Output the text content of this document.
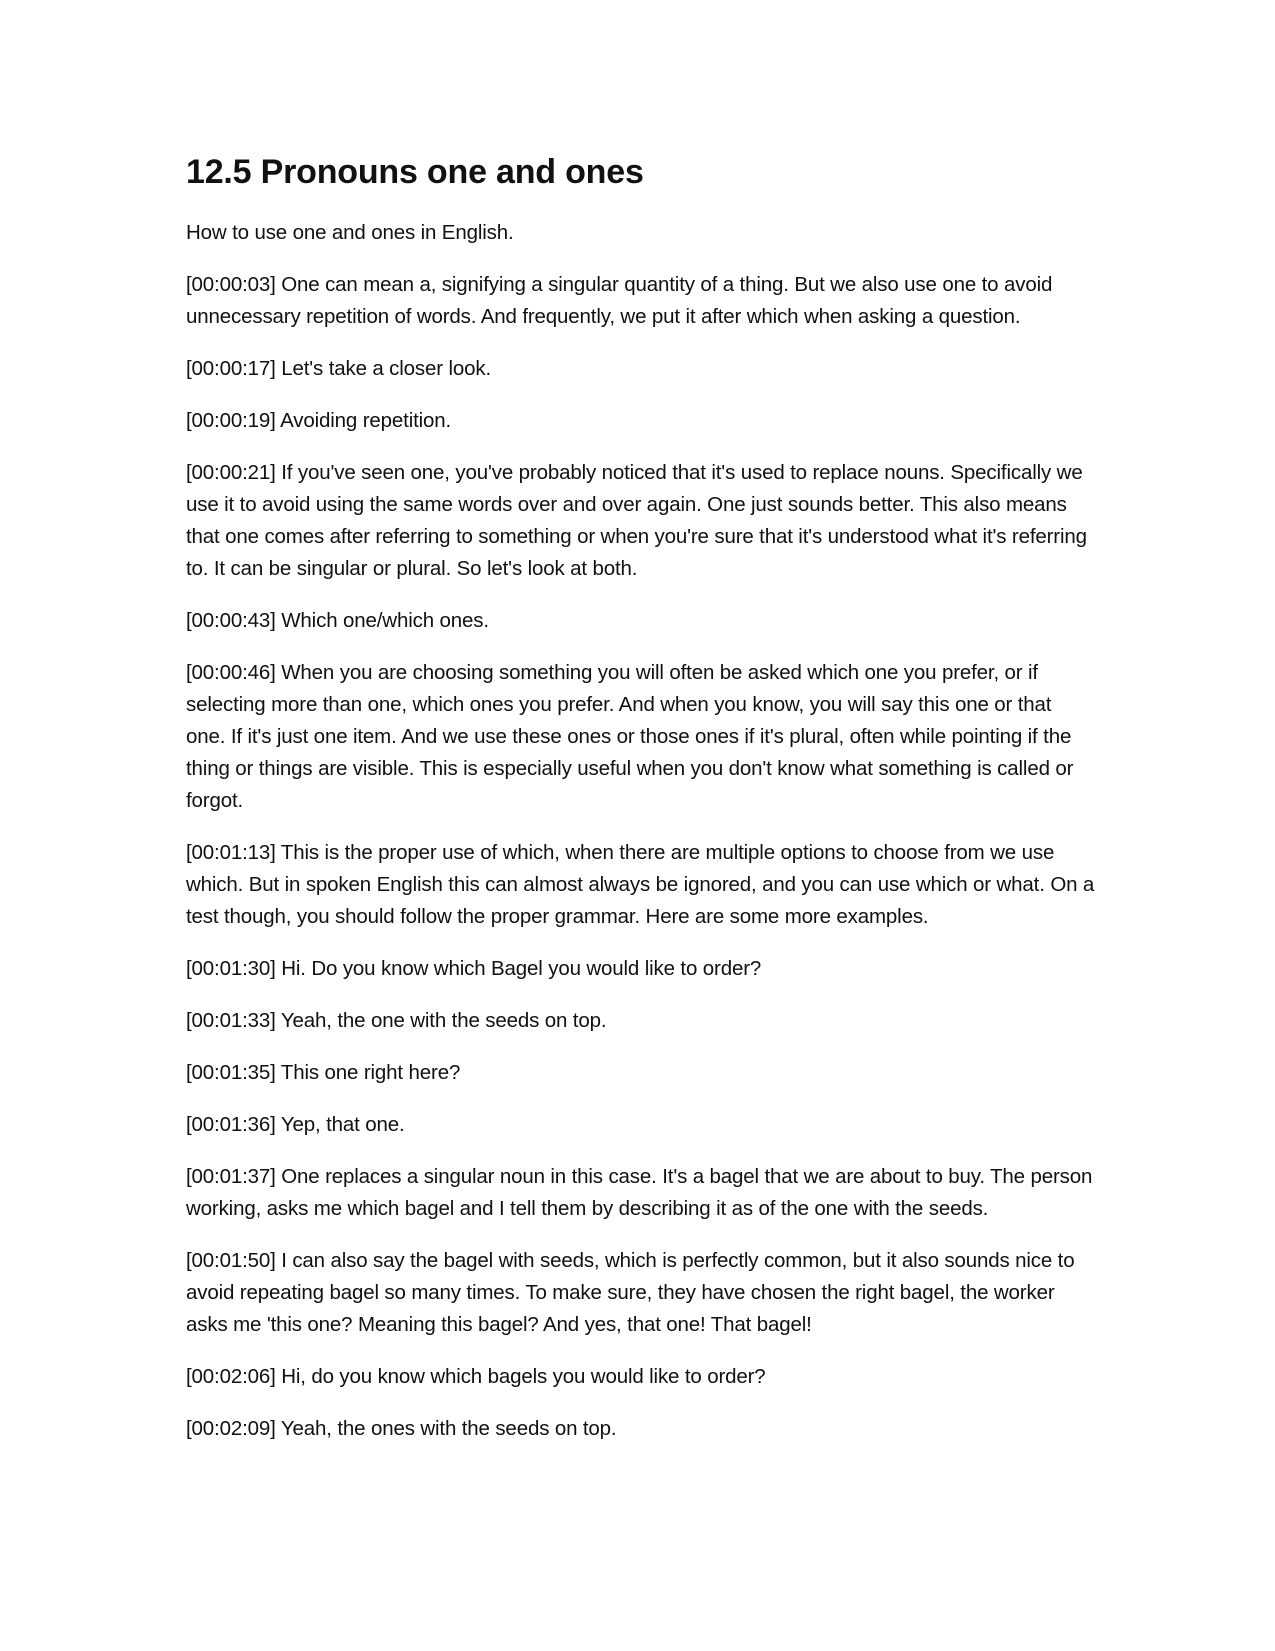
12.5 Pronouns one and ones

How to use one and ones in English.

[00:00:03] One can mean a, signifying a singular quantity of a thing. But we also use one to avoid unnecessary repetition of words. And frequently, we put it after which when asking a question.

[00:00:17] Let's take a closer look.

[00:00:19] Avoiding repetition.

[00:00:21] If you've seen one, you've probably noticed that it's used to replace nouns. Specifically we use it to avoid using the same words over and over again. One just sounds better. This also means that one comes after referring to something or when you're sure that it's understood what it's referring to. It can be singular or plural. So let's look at both.

[00:00:43] Which one/which ones.

[00:00:46] When you are choosing something you will often be asked which one you prefer, or if selecting more than one, which ones you prefer. And when you know, you will say this one or that one. If it's just one item. And we use these ones or those ones if it's plural, often while pointing if the thing or things are visible. This is especially useful when you don't know what something is called or forgot.

[00:01:13] This is the proper use of which, when there are multiple options to choose from we use which. But in spoken English this can almost always be ignored, and you can use which or what. On a test though, you should follow the proper grammar. Here are some more examples.

[00:01:30] Hi. Do you know which Bagel you would like to order?

[00:01:33] Yeah, the one with the seeds on top.

[00:01:35] This one right here?

[00:01:36] Yep, that one.

[00:01:37] One replaces a singular noun in this case. It's a bagel that we are about to buy. The person working, asks me which bagel and I tell them by describing it as of the one with the seeds.

[00:01:50] I can also say the bagel with seeds, which is perfectly common, but it also sounds nice to avoid repeating bagel so many times. To make sure, they have chosen the right bagel, the worker asks me 'this one? Meaning this bagel? And yes, that one! That bagel!

[00:02:06] Hi, do you know which bagels you would like to order?

[00:02:09] Yeah, the ones with the seeds on top.
